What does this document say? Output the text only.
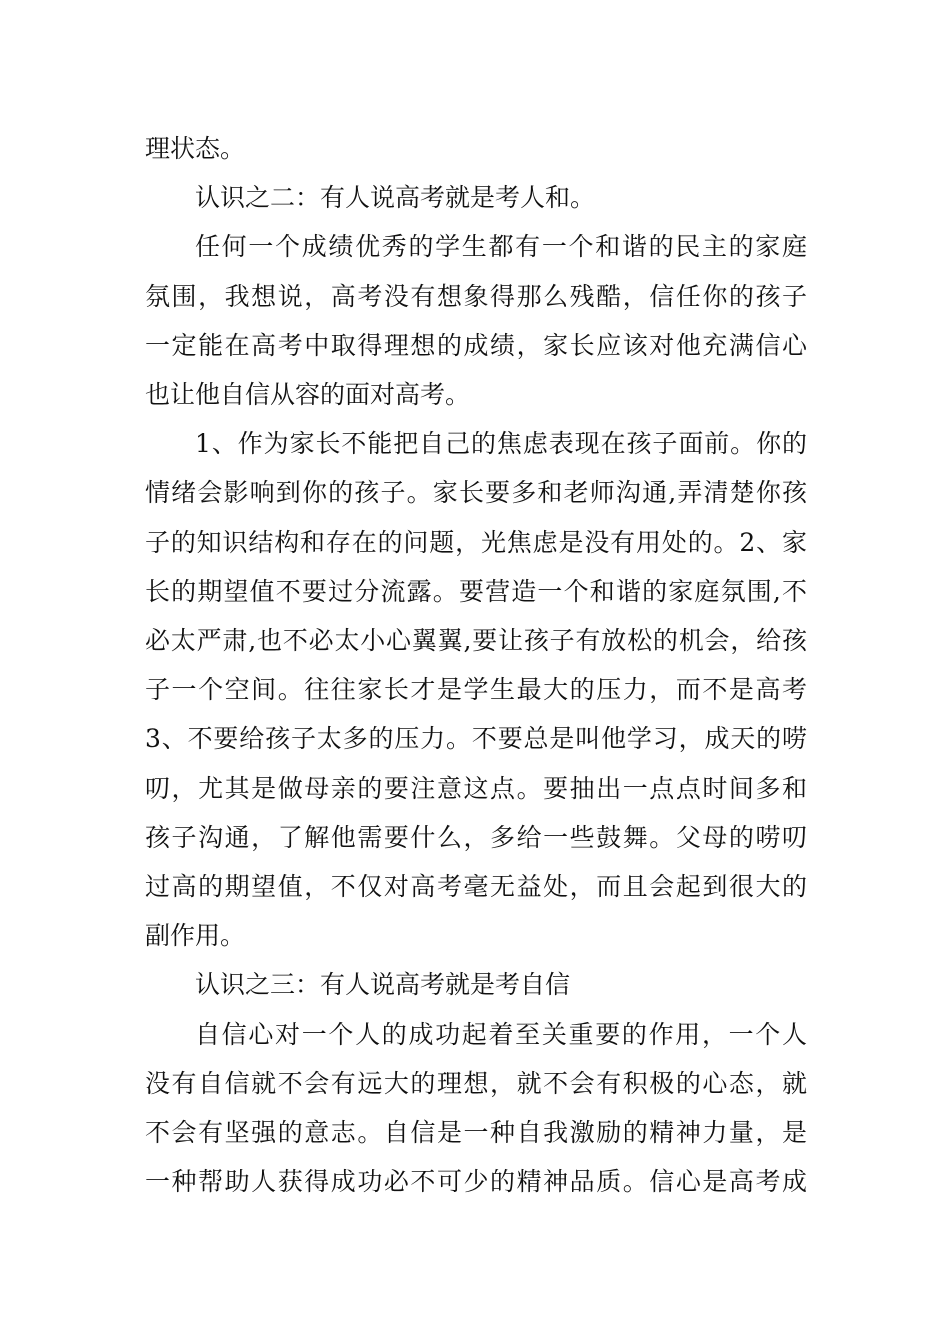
理状态。
认识之二：有人说高考就是考人和。
任何一个成绩优秀的学生都有一个和谐的民主的家庭
氛围，我想说，高考没有想象得那么残酷，信任你的孩子
一定能在高考中取得理想的成绩，家长应该对他充满信心
也让他自信从容的面对高考。
1、作为家长不能把自己的焦虑表现在孩子面前。你的
情绪会影响到你的孩子。家长要多和老师沟通,弄清楚你孩
子的知识结构和存在的问题，光焦虑是没有用处的。2、家
长的期望值不要过分流露。要营造一个和谐的家庭氛围,不
必太严肃,也不必太小心翼翼,要让孩子有放松的机会，给孩
子一个空间。往往家长才是学生最大的压力，而不是高考
3、不要给孩子太多的压力。不要总是叫他学习，成天的唠
叨，尤其是做母亲的要注意这点。要抽出一点点时间多和
孩子沟通，了解他需要什么，多给一些鼓舞。父母的唠叨
过高的期望值，不仅对高考毫无益处，而且会起到很大的
副作用。
认识之三：有人说高考就是考自信
自信心对一个人的成功起着至关重要的作用，一个人
没有自信就不会有远大的理想，就不会有积极的心态，就
不会有坚强的意志。自信是一种自我激励的精神力量，是
一种帮助人获得成功必不可少的精神品质。信心是高考成
